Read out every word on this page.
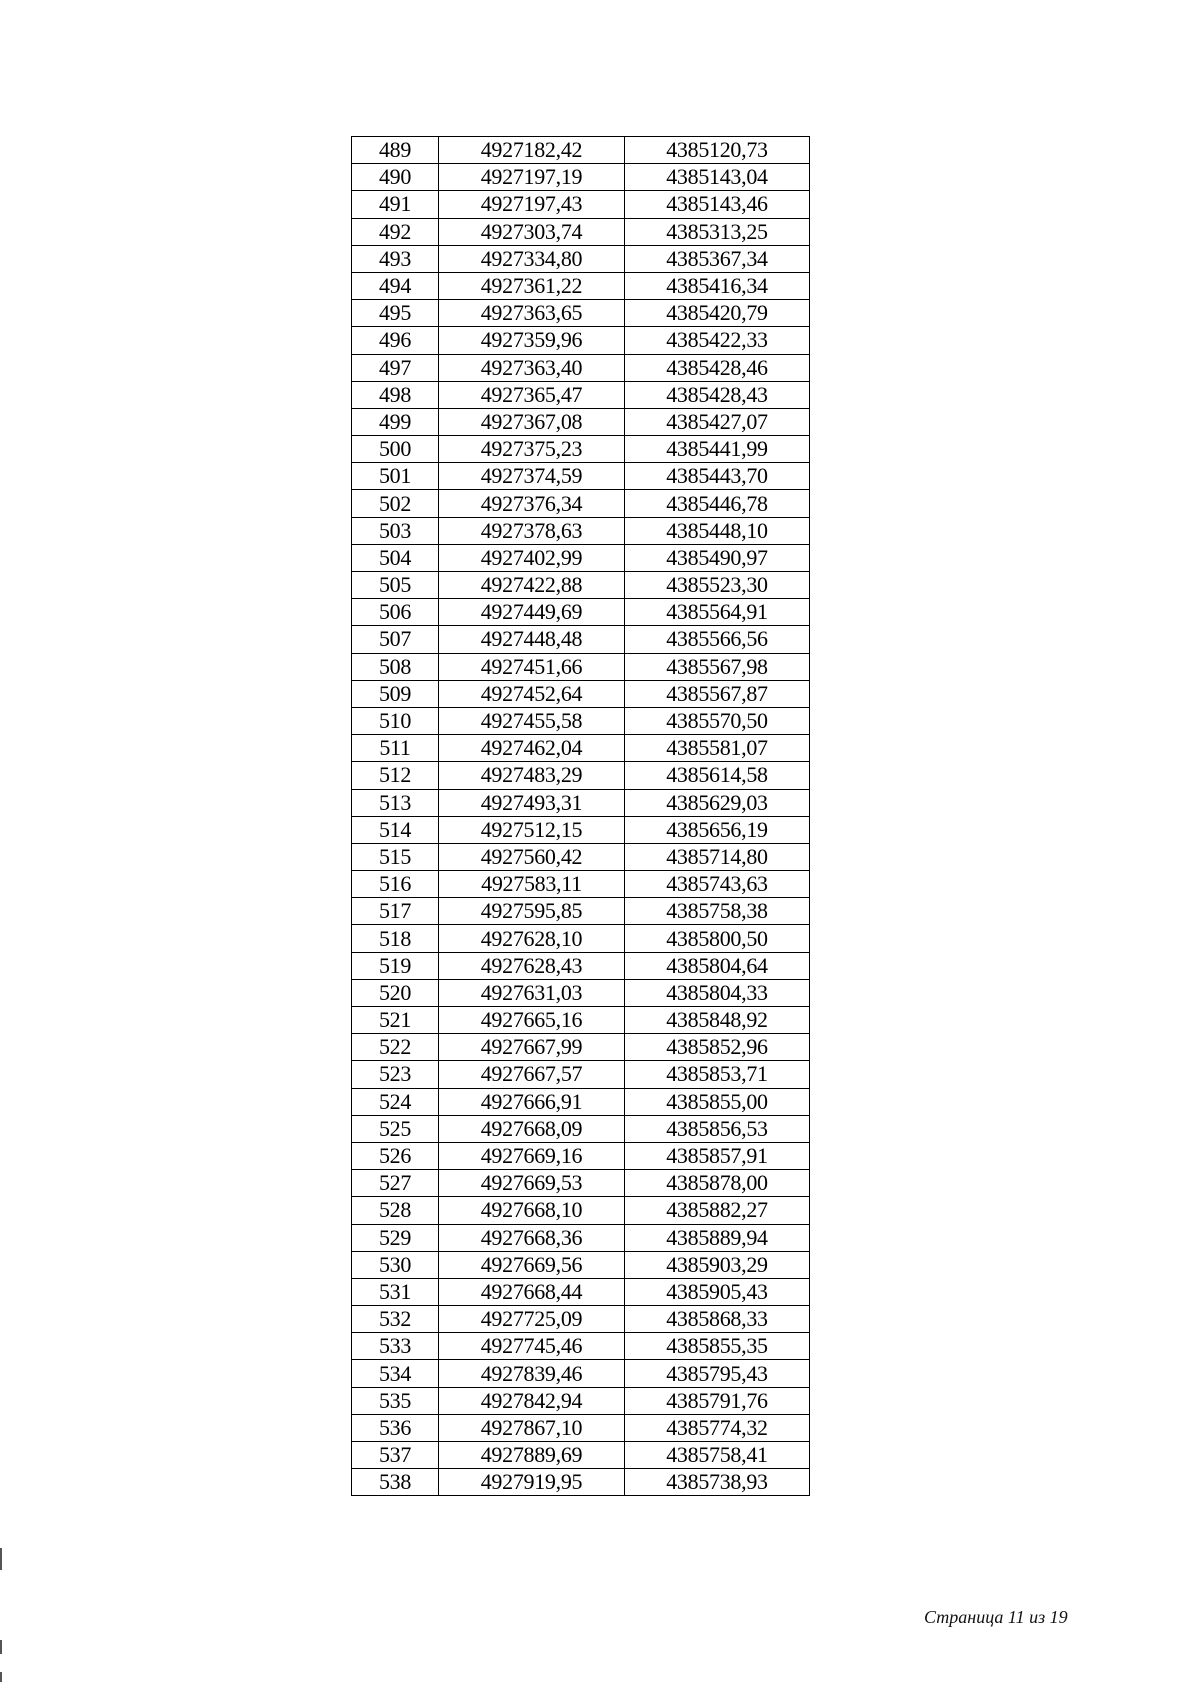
489	4927182,42	4385120,73
490	4927197,19	4385143,04
491	4927197,43	4385143,46
492	4927303,74	4385313,25
493	4927334,80	4385367,34
494	4927361,22	4385416,34
495	4927363,65	4385420,79
496	4927359,96	4385422,33
497	4927363,40	4385428,46
498	4927365,47	4385428,43
499	4927367,08	4385427,07
500	4927375,23	4385441,99
501	4927374,59	4385443,70
502	4927376,34	4385446,78
503	4927378,63	4385448,10
504	4927402,99	4385490,97
505	4927422,88	4385523,30
506	4927449,69	4385564,91
507	4927448,48	4385566,56
508	4927451,66	4385567,98
509	4927452,64	4385567,87
510	4927455,58	4385570,50
511	4927462,04	4385581,07
512	4927483,29	4385614,58
513	4927493,31	4385629,03
514	4927512,15	4385656,19
515	4927560,42	4385714,80
516	4927583,11	4385743,63
517	4927595,85	4385758,38
518	4927628,10	4385800,50
519	4927628,43	4385804,64
520	4927631,03	4385804,33
521	4927665,16	4385848,92
522	4927667,99	4385852,96
523	4927667,57	4385853,71
524	4927666,91	4385855,00
525	4927668,09	4385856,53
526	4927669,16	4385857,91
527	4927669,53	4385878,00
528	4927668,10	4385882,27
529	4927668,36	4385889,94
530	4927669,56	4385903,29
531	4927668,44	4385905,43
532	4927725,09	4385868,33
533	4927745,46	4385855,35
534	4927839,46	4385795,43
535	4927842,94	4385791,76
536	4927867,10	4385774,32
537	4927889,69	4385758,41
538	4927919,95	4385738,93
Страница 11 из 19
